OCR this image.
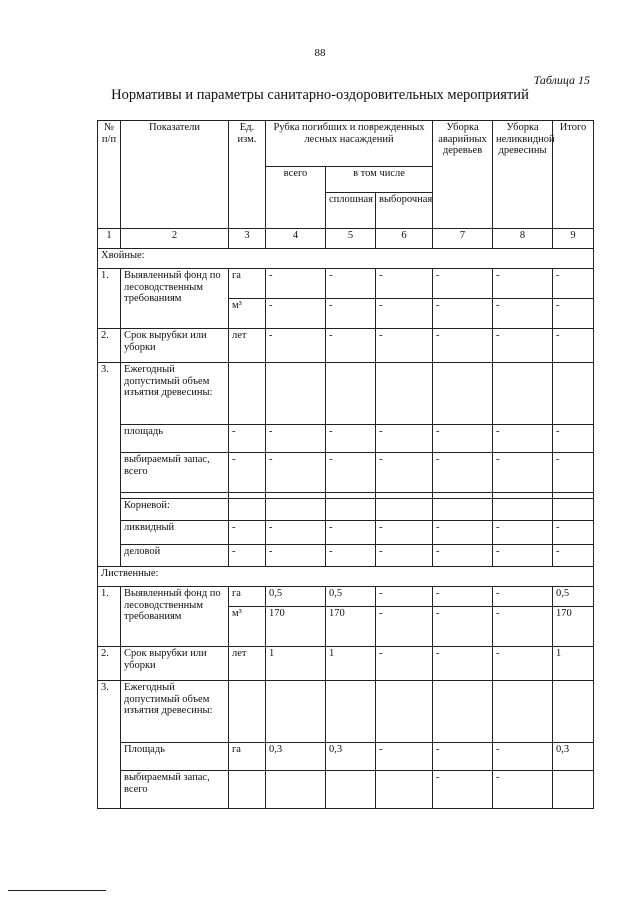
88
Таблица 15
Нормативы и параметры санитарно-оздоровительных мероприятий
№ п/п	Показатели	Ед. изм.	Рубка погибших и поврежденных лесных насаждений			Уборка аварийных деревьев	Уборка неликвидной древесины	Итого
			всего	в том числе				
				сплошная	выборочная			
1	2	3	4	5	6	7	8	9
Хвойные:								
1.	Выявленный фонд по лесоводственным требованиям	га	-	-	-	-	-	-
		м³	-	-	-	-	-	-
2.	Срок вырубки или уборки	лет	-	-	-	-	-	-
3.	Ежегодный допустимый объем изъятия древесины:							
	площадь	-	-	-	-	-	-	-
	выбираемый запас, всего	-	-	-	-	-	-	-

	Корневой:							
	ликвидный	-	-	-	-	-	-	-
	деловой	-	-	-	-	-	-	-
Лиственные:								
1.	Выявленный фонд по лесоводственным требованиям	га	0,5	0,5	-	-	-	0,5
		м³	170	170	-	-	-	170
2.	Срок вырубки или уборки	лет	1	1	-	-	-	1
3.	Ежегодный допустимый объем изъятия древесины:							
	Площадь	га	0,3	0,3	-	-	-	0,3
	выбираемый запас, всего					-	-	
